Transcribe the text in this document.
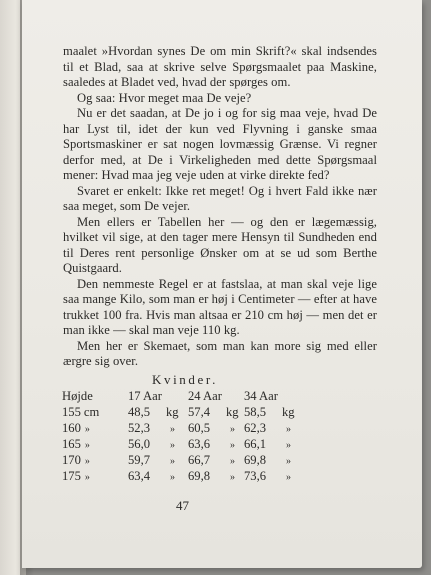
maalet »Hvordan synes De om min Skrift?« skal indsendes til et Blad, saa at skrive selve Spørgsmaalet paa Maskine, saaledes at Bladet ved, hvad der spørges om.

Og saa: Hvor meget maa De veje?

Nu er det saadan, at De jo i og for sig maa veje, hvad De har Lyst til, idet der kun ved Flyvning i ganske smaa Sportsmaskiner er sat nogen lovmæssig Grænse. Vi regner derfor med, at De i Virkeligheden med dette Spørgsmaal mener: Hvad maa jeg veje uden at virke direkte fed?

Svaret er enkelt: Ikke ret meget! Og i hvert Fald ikke nær saa meget, som De vejer.

Men ellers er Tabellen her — og den er lægemæssig, hvilket vil sige, at den tager mere Hensyn til Sundheden end til Deres rent personlige Ønsker om at se ud som Berthe Quistgaard.

Den nemmeste Regel er at fastslaa, at man skal veje lige saa mange Kilo, som man er høj i Centimeter — efter at have trukket 100 fra. Hvis man altsaa er 210 cm høj — men det er man ikke — skal man veje 110 kg.

Men her er Skemaet, som man kan more sig med eller ærgre sig over.

Kvinder.
Højde	17 Aar	24 Aar	34 Aar
155 cm	48,5 kg	57,4 kg	58,5 kg
160 »	52,3 »	60,5 »	62,3 »
165 »	56,0 »	63,6 »	66,1 »
170 »	59,7 »	66,7 »	69,8 »
175 »	63,4 »	69,8 »	73,6 »
47
